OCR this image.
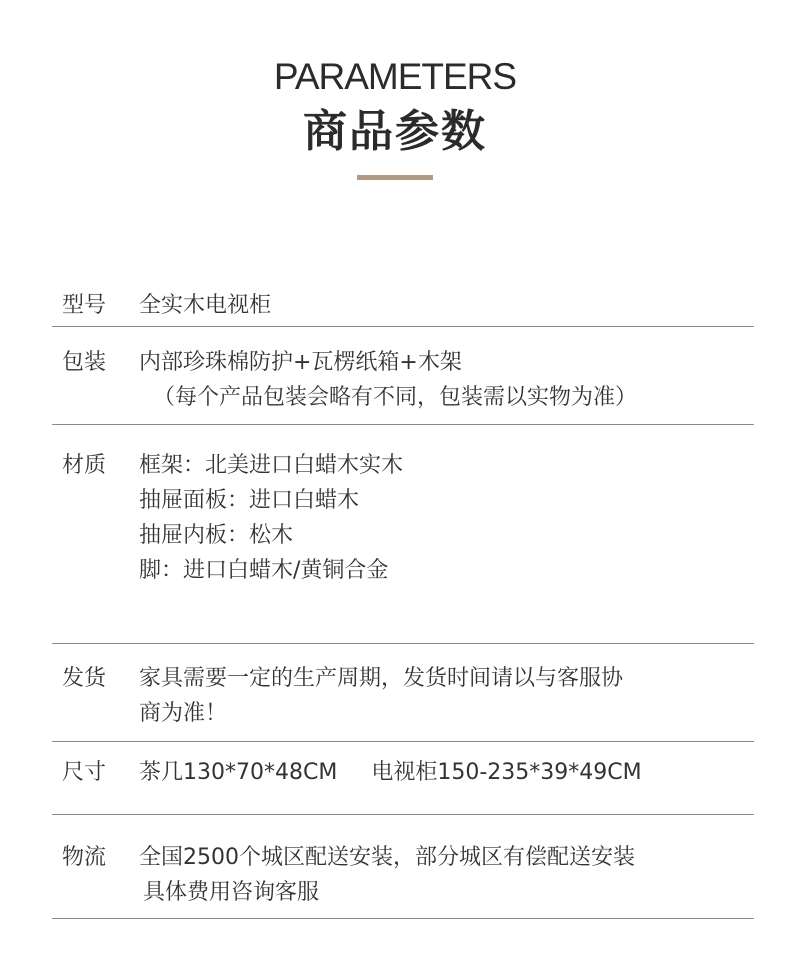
PARAMETERS
商品参数
型号 全实木电视柜
包装 内部珍珠棉防护+瓦楞纸箱+木架
（每个产品包装会略有不同，包装需以实物为准）
材质 框架：北美进口白蜡木实木
抽屉面板：进口白蜡木
抽屉内板：松木
脚：进口白蜡木/黄铜合金
发货 家具需要一定的生产周期，发货时间请以与客服协
商为准！
尺寸 茶几130*70*48CM 电视柜150-235*39*49CM
物流 全国2500个城区配送安装，部分城区有偿配送安装
具体费用咨询客服
